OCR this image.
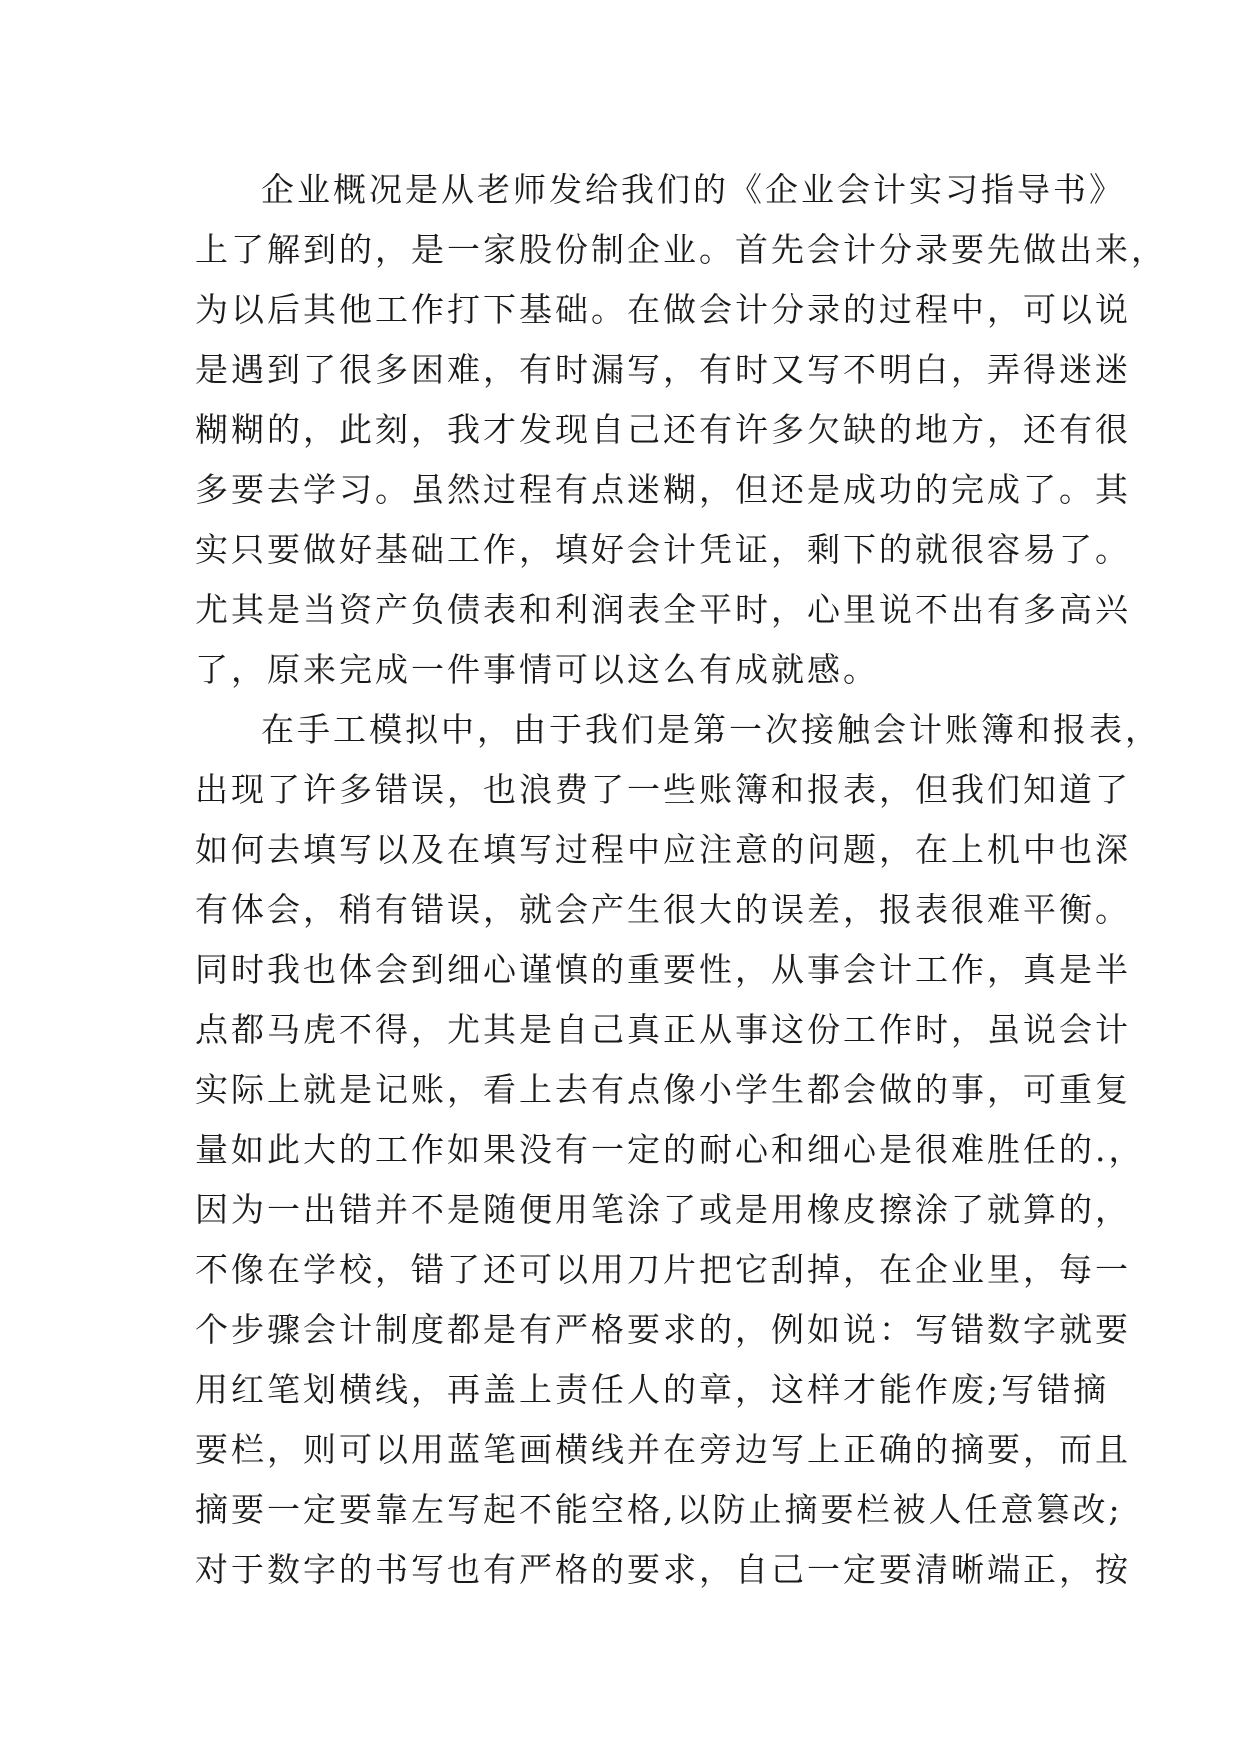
企业概况是从老师发给我们的《企业会计实习指导书》
上了解到的，是一家股份制企业。首先会计分录要先做出来，
为以后其他工作打下基础。在做会计分录的过程中，可以说
是遇到了很多困难，有时漏写，有时又写不明白，弄得迷迷
糊糊的，此刻，我才发现自己还有许多欠缺的地方，还有很
多要去学习。虽然过程有点迷糊，但还是成功的完成了。其
实只要做好基础工作，填好会计凭证，剩下的就很容易了。
尤其是当资产负债表和利润表全平时，心里说不出有多高兴
了，原来完成一件事情可以这么有成就感。
在手工模拟中，由于我们是第一次接触会计账簿和报表，
出现了许多错误，也浪费了一些账簿和报表，但我们知道了
如何去填写以及在填写过程中应注意的问题，在上机中也深
有体会，稍有错误，就会产生很大的误差，报表很难平衡。
同时我也体会到细心谨慎的重要性，从事会计工作，真是半
点都马虎不得，尤其是自己真正从事这份工作时，虽说会计
实际上就是记账，看上去有点像小学生都会做的事，可重复
量如此大的工作如果没有一定的耐心和细心是很难胜任的.，
因为一出错并不是随便用笔涂了或是用橡皮擦涂了就算的，
不像在学校，错了还可以用刀片把它刮掉，在企业里，每一
个步骤会计制度都是有严格要求的，例如说：写错数字就要
用红笔划横线，再盖上责任人的章，这样才能作废;写错摘
要栏，则可以用蓝笔画横线并在旁边写上正确的摘要，而且
摘要一定要靠左写起不能空格,以防止摘要栏被人任意篡改;
对于数字的书写也有严格的要求，自己一定要清晰端正，按
